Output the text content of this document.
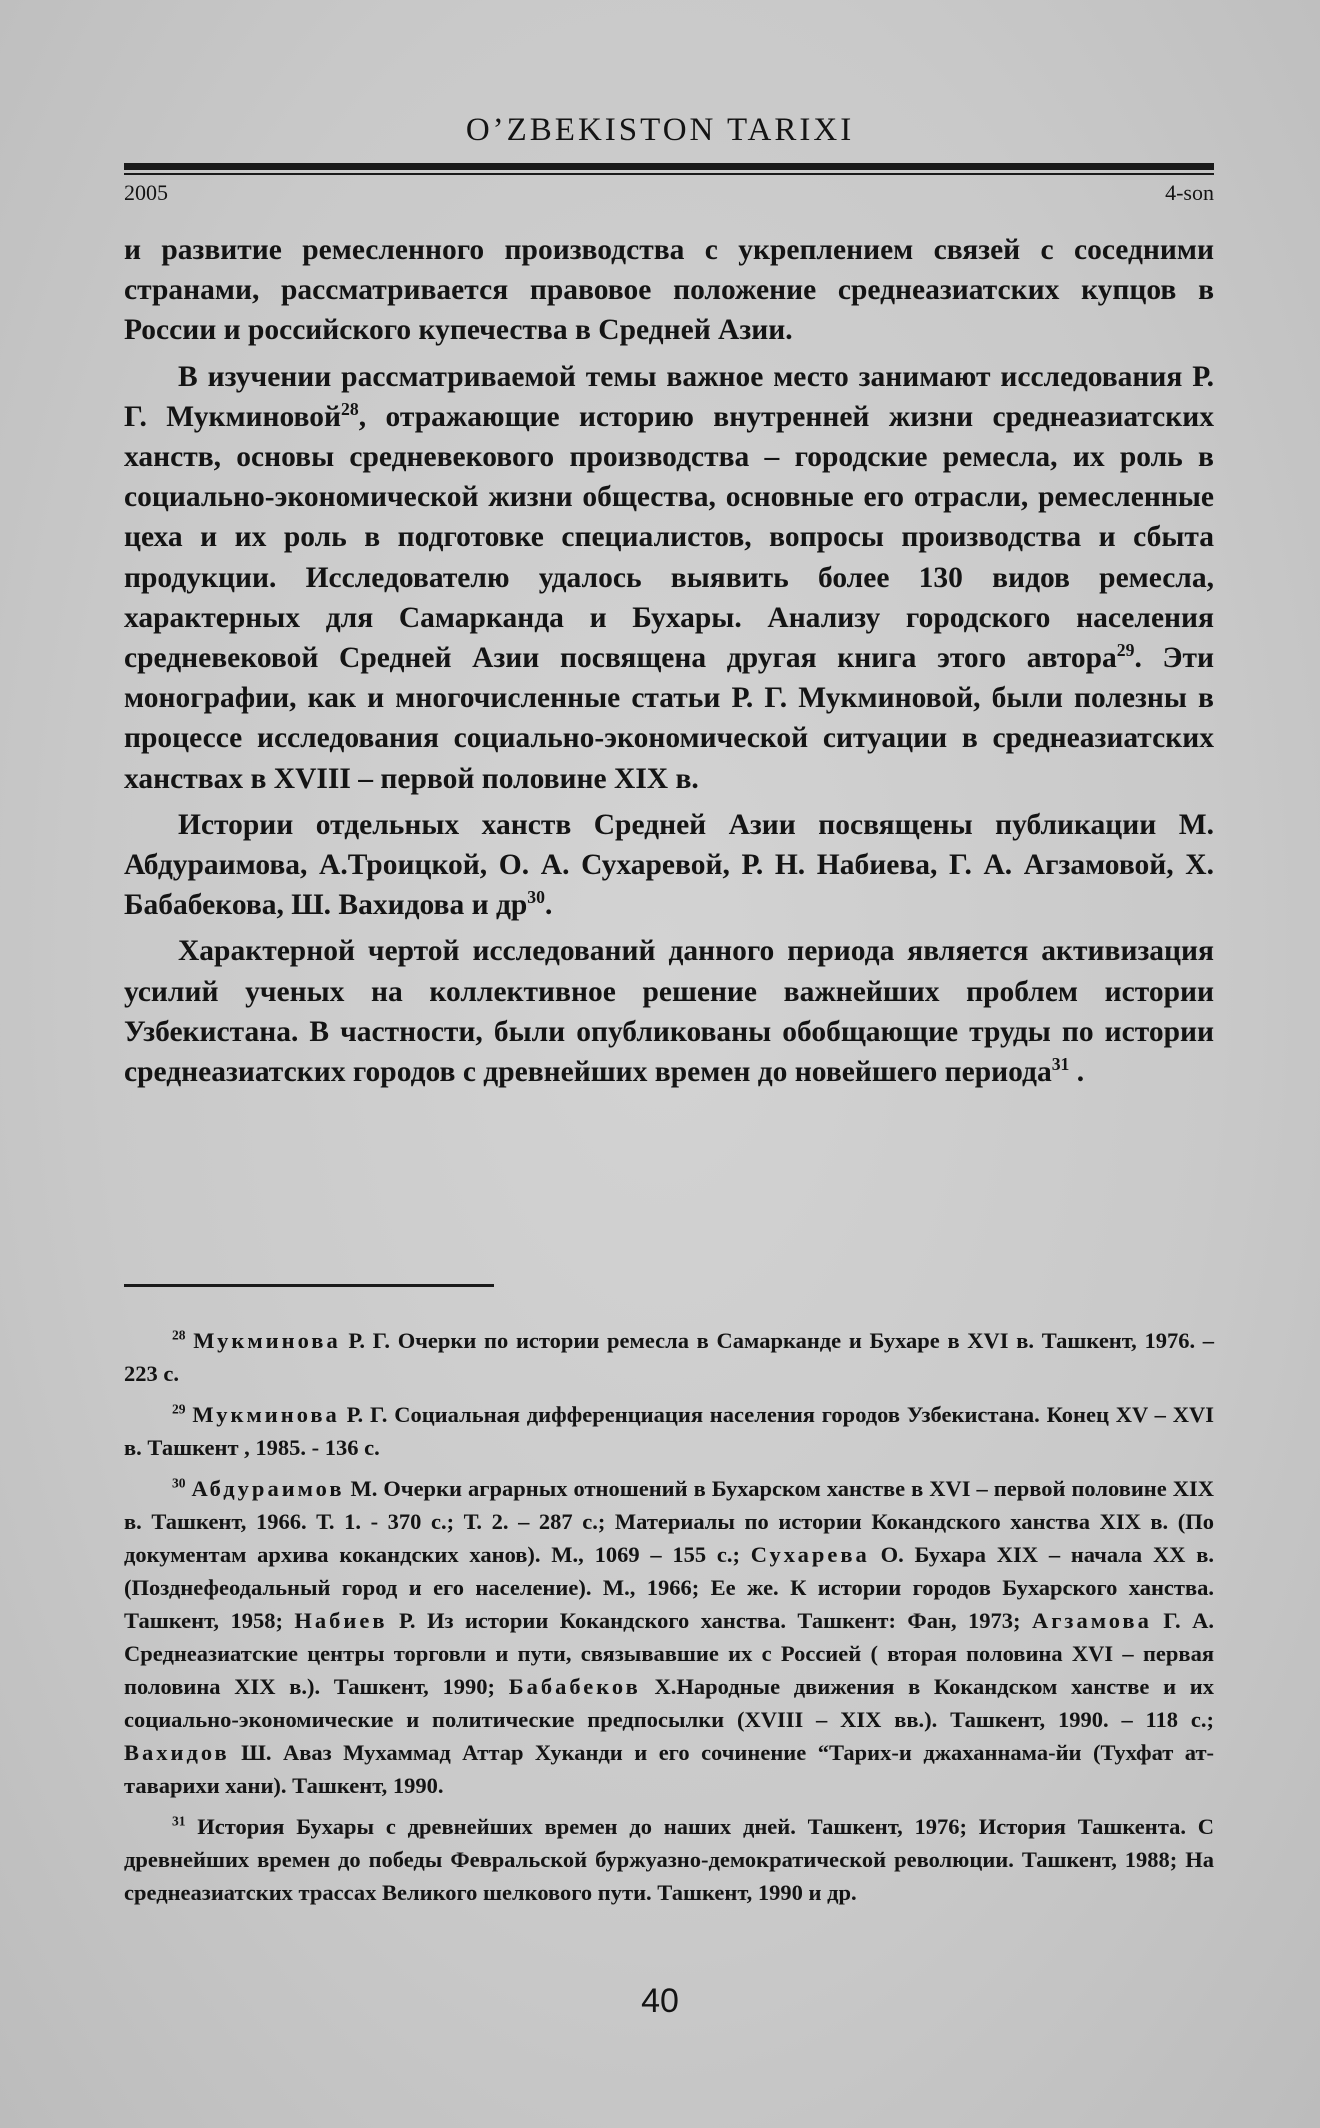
O’ZBEKISTON TARIXI
2005	4-son

и развитие ремесленного производства с укреплением связей с соседними странами, рассматривается правовое положение среднеазиатских купцов в России и российского купечества в Средней Азии.

В изучении рассматриваемой темы важное место занимают исследования Р. Г. Мукминовой$^{28}$, отражающие историю внутренней жизни среднеазиатских ханств, основы средневекового производства – городские ремесла, их роль в социально-экономической жизни общества, основные его отрасли, ремесленные цеха и их роль в подготовке специалистов, вопросы производства и сбыта продукции. Исследователю удалось выявить более 130 видов ремесла, характерных для Самарканда и Бухары. Анализу городского населения средневековой Средней Азии посвящена другая книга этого автора$^{29}$. Эти монографии, как и многочисленные статьи Р. Г. Мукминовой, были полезны в процессе исследования социально-экономической ситуации в среднеазиатских ханствах в XVIII – первой половине XIX в.

Истории отдельных ханств Средней Азии посвящены публикации М. Абдураимова, А.Троицкой, О. А. Сухаревой, Р. Н. Набиева, Г. А. Агзамовой, Х. Бабабекова, Ш. Вахидова и $др^{30}$.

Характерной чертой исследований данного периода является активизация усилий ученых на коллективное решение важнейших проблем истории Узбекистана. В частности, были опубликованы обобщающие труды по истории среднеазиатских городов с древнейших времен до новейшего периода$^{31}$ .

$^{28}$ Мукминова Р. Г. Очерки по истории ремесла в Самарканде и Бухаре в XVI в. Ташкент, 1976. – 223 с.

$^{29}$ Мукминова Р. Г. Социальная дифференциация населения городов Узбекистана. Конец XV – XVI в. Ташкент , 1985. - 136 с.

$^{30}$ Абдураимов М. Очерки аграрных отношений в Бухарском ханстве в XVI – первой половине XIX в. Ташкент, 1966. Т. 1. - 370 с.; Т. 2. – 287 с.; Материалы по истории Кокандского ханства XIX в. (По документам архива кокандских ханов). М., 1069 – 155 с.; Сухарева О. Бухара XIX – начала XX в.(Позднефеодальный город и его население). М., 1966; Ее же. К истории городов Бухарского ханства. Ташкент, 1958; Набиев Р. Из истории Кокандского ханства. Ташкент: Фан, 1973; Агзамова Г. А. Среднеазиатские центры торговли и пути, связывавшие их с Россией ( вторая половина XVI – первая половина XIX в.). Ташкент, 1990; Бабабеков Х.Народные движения в Кокандском ханстве и их социально-экономические и политические предпосылки (XVIII – XIX вв.). Ташкент, 1990. – 118 с.; Вахидов Ш. Аваз Мухаммад Аттар Хуканди и его сочинение “Тарих-и джаханнама-йи (Тухфат ат-таварихи хани). Ташкент, 1990.

$^{31}$ История Бухары с древнейших времен до наших дней. Ташкент, 1976; История Ташкента. С древнейших времен до победы Февральской буржуазно-демократической революции. Ташкент, 1988; На среднеазиатских трассах Великого шелкового пути. Ташкент, 1990 и др.

40
